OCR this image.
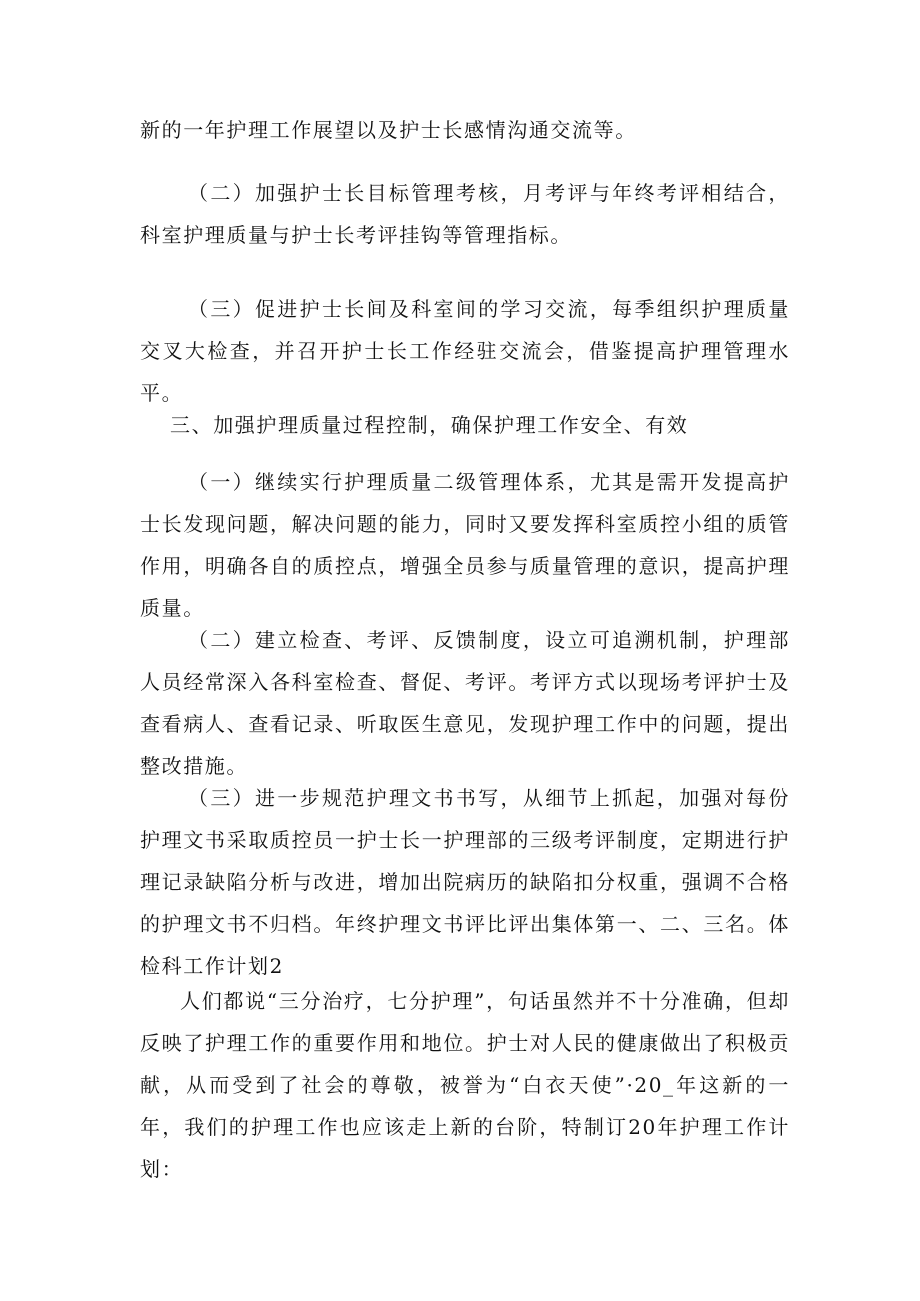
新的一年护理工作展望以及护士长感情沟通交流等。

（二）加强护士长目标管理考核，月考评与年终考评相结合，科室护理质量与护士长考评挂钩等管理指标。

（三）促进护士长间及科室间的学习交流，每季组织护理质量交叉大检查，并召开护士长工作经驻交流会，借鉴提高护理管理水平。

三、加强护理质量过程控制，确保护理工作安全、有效

（一）继续实行护理质量二级管理体系，尤其是需开发提高护士长发现问题，解决问题的能力，同时又要发挥科室质控小组的质管作用，明确各自的质控点，增强全员参与质量管理的意识，提高护理质量。

（二）建立检查、考评、反馈制度，设立可追溯机制，护理部人员经常深入各科室检查、督促、考评。考评方式以现场考评护士及查看病人、查看记录、听取医生意见，发现护理工作中的问题，提出整改措施。

（三）进一步规范护理文书书写，从细节上抓起，加强对每份护理文书采取质控员一护士长一护理部的三级考评制度，定期进行护理记录缺陷分析与改进，增加出院病历的缺陷扣分权重，强调不合格的护理文书不归档。年终护理文书评比评出集体第一、二、三名。体检科工作计划2

人们都说“三分治疗，七分护理”，句话虽然并不十分准确，但却反映了护理工作的重要作用和地位。护士对人民的健康做出了积极贡献，从而受到了社会的尊敬，被誉为“白衣天使”·20_年这新的一年，我们的护理工作也应该走上新的台阶，特制订20年护理工作计划：
